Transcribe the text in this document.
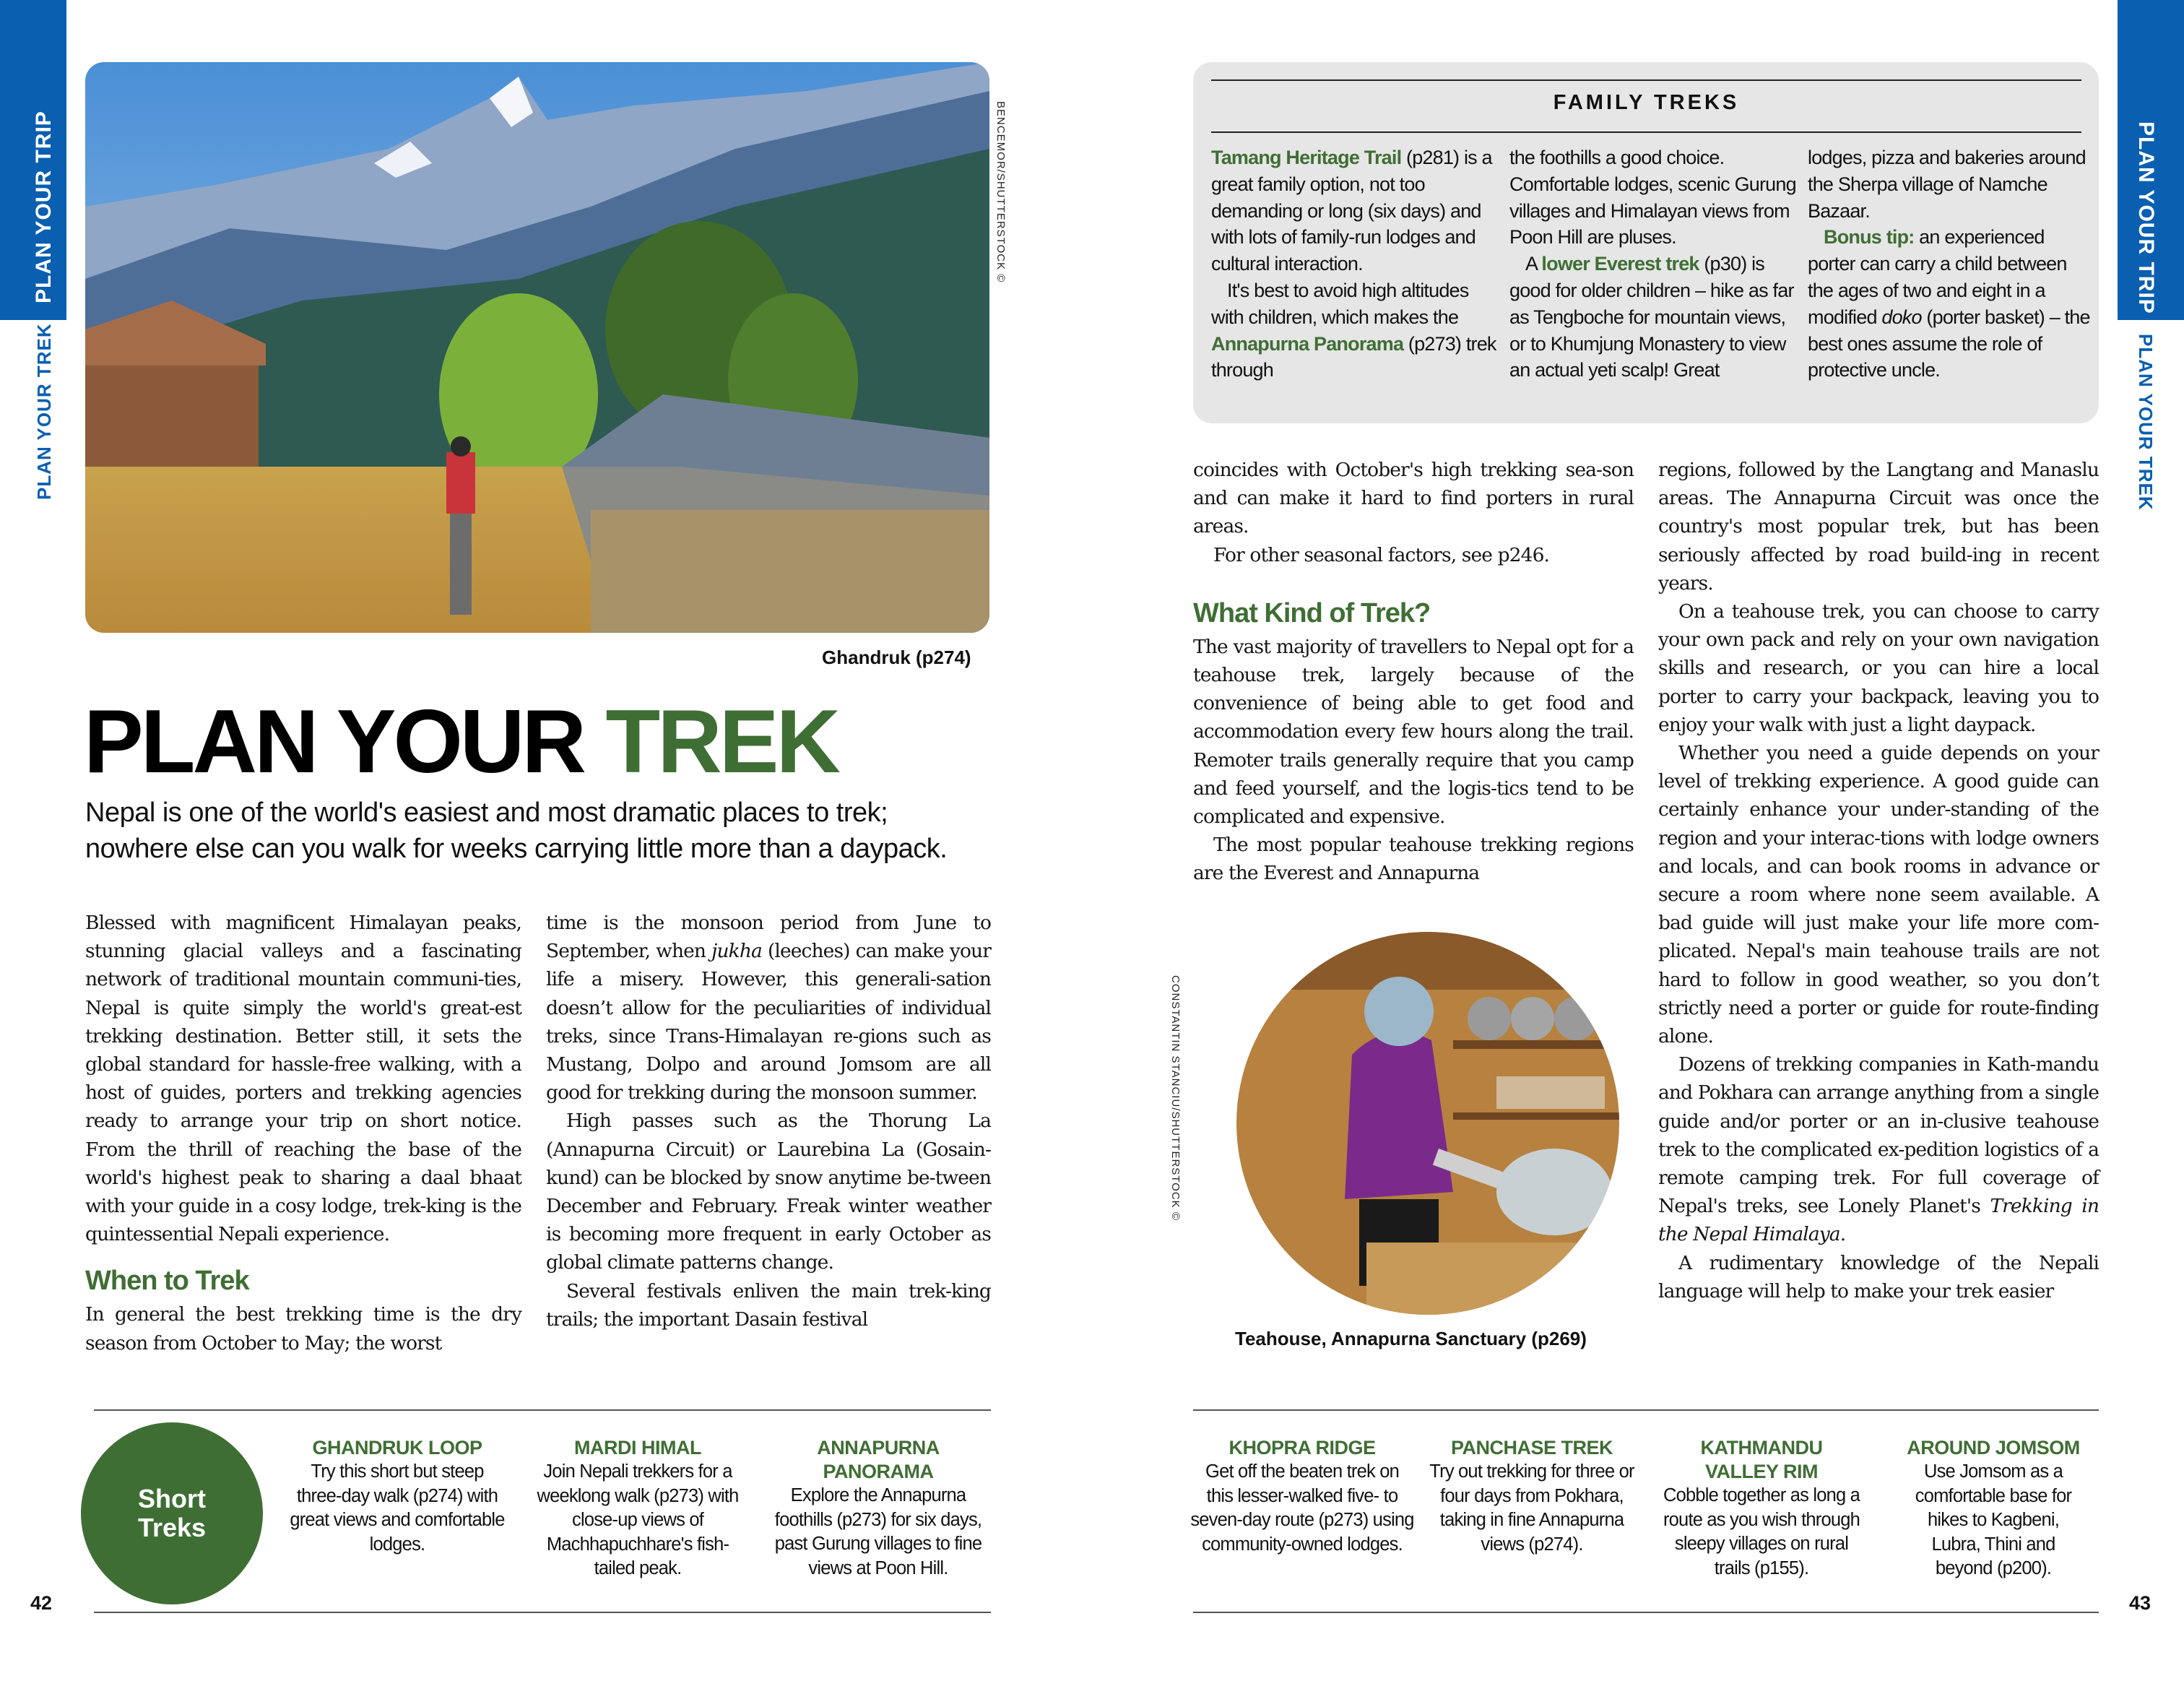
PLAN YOUR TRIP
PLAN YOUR TREK
PLAN YOUR TRIP
PLAN YOUR TREK
BENCEMOR/SHUTTERSTOCK ©
Ghandruk (p274)
PLAN YOUR TREK
Nepal is one of the world's easiest and most dramatic places to trek; nowhere else can you walk for weeks carrying little more than a daypack.

Blessed with magnificent Himalayan peaks, stunning glacial valleys and a fascinating network of traditional mountain communi-ties, Nepal is quite simply the world's great-est trekking destination. Better still, it sets the global standard for hassle-free walking, with a host of guides, porters and trekking agencies ready to arrange your trip on short notice. From the thrill of reaching the base of the world's highest peak to sharing a daal bhaat with your guide in a cosy lodge, trek-king is the quintessential Nepali experience.

When to Trek

In general the best trekking time is the dry season from October to May; the worst

time is the monsoon period from June to September, when jukha (leeches) can make your life a misery. However, this generali-sation doesn’t allow for the peculiarities of individual treks, since Trans-Himalayan re-gions such as Mustang, Dolpo and around Jomsom are all good for trekking during the monsoon summer.

High passes such as the Thorung La (Annapurna Circuit) or Laurebina La (Gosain-kund) can be blocked by snow anytime be-tween December and February. Freak winter weather is becoming more frequent in early October as global climate patterns change.

Several festivals enliven the main trek-king trails; the important Dasain festival

FAMILY TREKS

Tamang Heritage Trail (p281) is a great family option, not too demanding or long (six days) and with lots of family-run lodges and cultural interaction.

It's best to avoid high altitudes with children, which makes the Annapurna Panorama (p273) trek through

the foothills a good choice. Comfortable lodges, scenic Gurung villages and Himalayan views from Poon Hill are pluses.

A lower Everest trek (p30) is good for older children – hike as far as Tengboche for mountain views, or to Khumjung Monastery to view an actual yeti scalp! Great

lodges, pizza and bakeries around the Sherpa village of Namche Bazaar.

Bonus tip: an experienced porter can carry a child between the ages of two and eight in a modified doko (porter basket) – the best ones assume the role of protective uncle.

coincides with October's high trekking sea-son and can make it hard to find porters in rural areas.

For other seasonal factors, see p246.

What Kind of Trek?

The vast majority of travellers to Nepal opt for a teahouse trek, largely because of the convenience of being able to get food and accommodation every few hours along the trail. Remoter trails generally require that you camp and feed yourself, and the logis-tics tend to be complicated and expensive.

The most popular teahouse trekking regions are the Everest and Annapurna

regions, followed by the Langtang and Manaslu areas. The Annapurna Circuit was once the country's most popular trek, but has been seriously affected by road build-ing in recent years.

On a teahouse trek, you can choose to carry your own pack and rely on your own navigation skills and research, or you can hire a local porter to carry your backpack, leaving you to enjoy your walk with just a light daypack.

Whether you need a guide depends on your level of trekking experience. A good guide can certainly enhance your under-standing of the region and your interac-tions with lodge owners and locals, and can book rooms in advance or secure a room where none seem available. A bad guide will just make your life more com-plicated. Nepal's main teahouse trails are not hard to follow in good weather, so you don’t strictly need a porter or guide for route-finding alone.

Dozens of trekking companies in Kath-mandu and Pokhara can arrange anything from a single guide and/or porter or an in-clusive teahouse trek to the complicated ex-pedition logistics of a remote camping trek. For full coverage of Nepal's treks, see Lonely Planet's Trekking in the Nepal Himalaya.

A rudimentary knowledge of the Nepali language will help to make your trek easier

CONSTANTIN STANCIU/SHUTTERSTOCK ©
Teahouse, Annapurna Sanctuary (p269)
Short Treks
GHANDRUK LOOP
Try this short but steep three-day walk (p274) with great views and comfortable lodges.
MARDI HIMAL
Join Nepali trekkers for a weeklong walk (p273) with close-up views of Machhapuchhare's fish-tailed peak.
ANNAPURNA PANORAMA
Explore the Annapurna foothills (p273) for six days, past Gurung villages to fine views at Poon Hill.
42
KHOPRA RIDGE
Get off the beaten trek on this lesser-walked five- to seven-day route (p273) using community-owned lodges.
PANCHASE TREK
Try out trekking for three or four days from Pokhara, taking in fine Annapurna views (p274).
KATHMANDU VALLEY RIM
Cobble together as long a route as you wish through sleepy villages on rural trails (p155).
AROUND JOMSOM
Use Jomsom as a comfortable base for hikes to Kagbeni, Lubra, Thini and beyond (p200).
43
